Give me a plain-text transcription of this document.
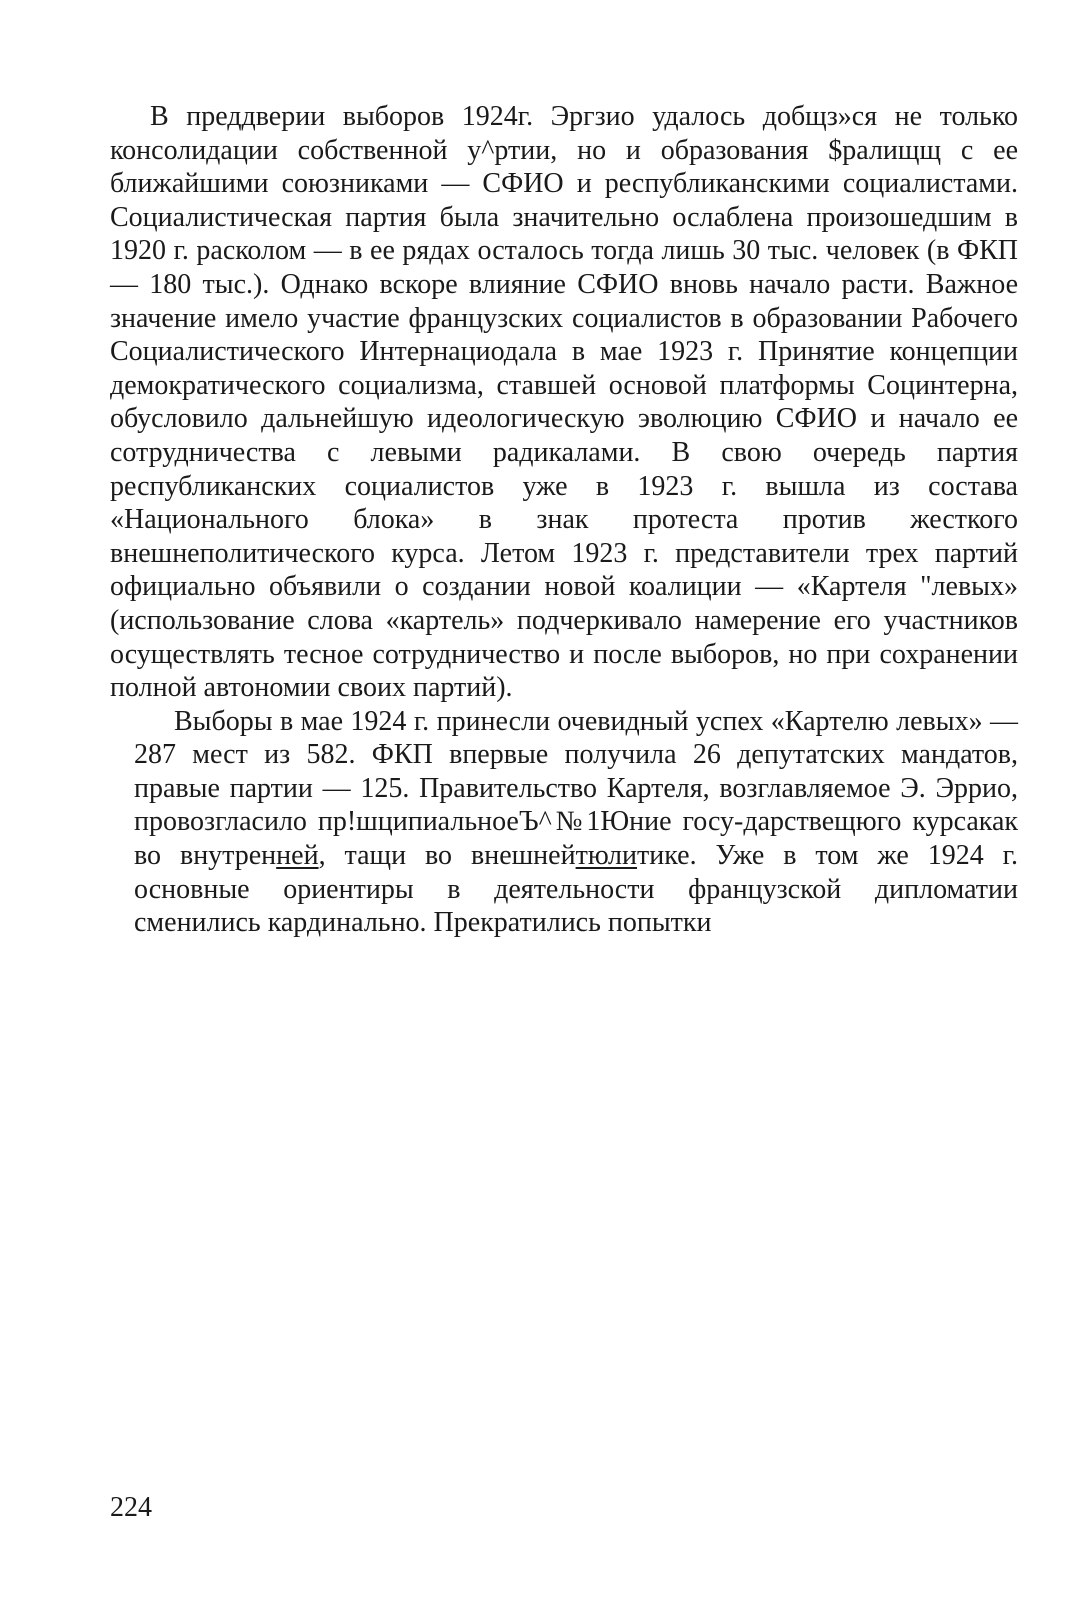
В преддверии выборов 1924г. Эргзио удалось добщз»ся не только консолидации собственной у^ртии, но и образования $ралищщ с ее ближайшими союзниками — СФИО и республиканскими социалистами. Социалистическая партия была значительно ослаблена произошедшим в 1920 г. расколом — в ее рядах осталось тогда лишь 30 тыс. человек (в ФКП — 180 тыс.). Однако вскоре влияние СФИО вновь начало расти. Важное значение имело участие французских социалистов в образовании Рабочего Социалистического Интернациодала в мае 1923 г. Принятие концепции демократического социализма, ставшей основой платформы Социнтерна, обусловило дальнейшую идеологическую эволюцию СФИО и начало ее сотрудничества с левыми радикалами. В свою очередь партия республиканских социалистов уже в 1923 г. вышла из состава «Национального блока» в знак протеста против жесткого внешнеполитического курса. Летом 1923 г. представители трех партий официально объявили о создании новой коалиции — «Картеля "левых» (использование слова «картель» подчеркивало намерение его участников осуществлять тесное сотрудничество и после выборов, но при сохранении полной автономии своих партий).

Выборы в мае 1924 г. принесли очевидный успех «Картелю левых» — 287 мест из 582. ФКП впервые получила 26 депутатских мандатов, правые партии — 125. Правительство Картеля, возглавляемое Э. Эррио, провозгласило пр!шципиальноеЪ^№1Юние госу-дарствещюго курсакак во внутренней, тащи во внешнейтюлитике. Уже в том же 1924 г. основные ориентиры в деятельности французской дипломатии сменились кардинально. Прекратились попытки

224
